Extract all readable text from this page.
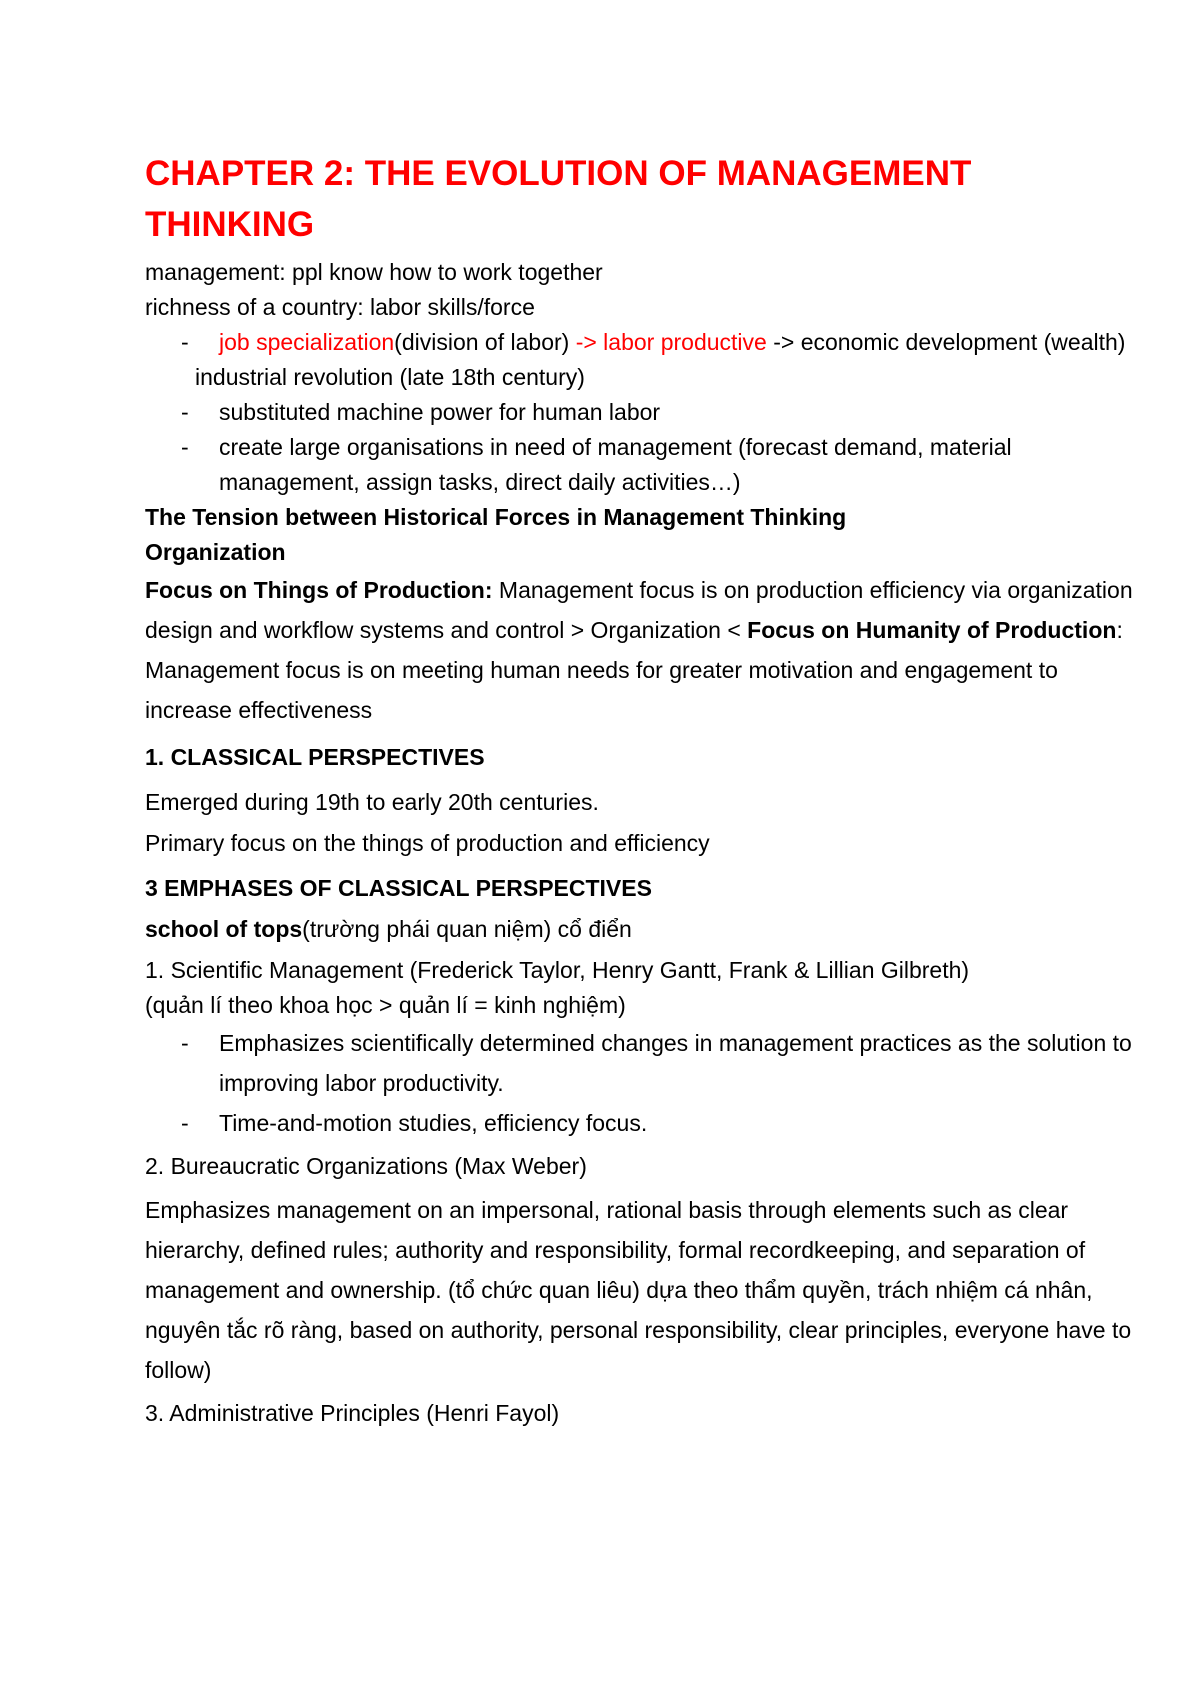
CHAPTER 2: THE EVOLUTION OF MANAGEMENT THINKING

management: ppl know how to work together

richness of a country: labor skills/force

- job specialization(division of labor) -> labor productive -> economic development (wealth)

industrial revolution (late 18th century)

- substituted machine power for human labor
- create large organisations in need of management (forecast demand, material management, assign tasks, direct daily activities…)

The Tension between Historical Forces in Management Thinking

Organization

Focus on Things of Production: Management focus is on production efficiency via organization design and workflow systems and control > Organization < Focus on Humanity of Production: Management focus is on meeting human needs for greater motivation and engagement to increase effectiveness

1. CLASSICAL PERSPECTIVES

Emerged during 19th to early 20th centuries.

Primary focus on the things of production and efficiency

3 EMPHASES OF CLASSICAL PERSPECTIVES

school of tops(trường phái quan niệm) cổ điển

1. Scientific Management (Frederick Taylor, Henry Gantt, Frank & Lillian Gilbreth)

(quản lí theo khoa học > quản lí = kinh nghiệm)

- Emphasizes scientifically determined changes in management practices as the solution to improving labor productivity.
- Time-and-motion studies, efficiency focus.

2. Bureaucratic Organizations (Max Weber)

Emphasizes management on an impersonal, rational basis through elements such as clear hierarchy, defined rules; authority and responsibility, formal recordkeeping, and separation of management and ownership. (tổ chức quan liêu) dựa theo thẩm quyền, trách nhiệm cá nhân, nguyên tắc rõ ràng, based on authority, personal responsibility, clear principles, everyone have to follow)

3. Administrative Principles (Henri Fayol)
